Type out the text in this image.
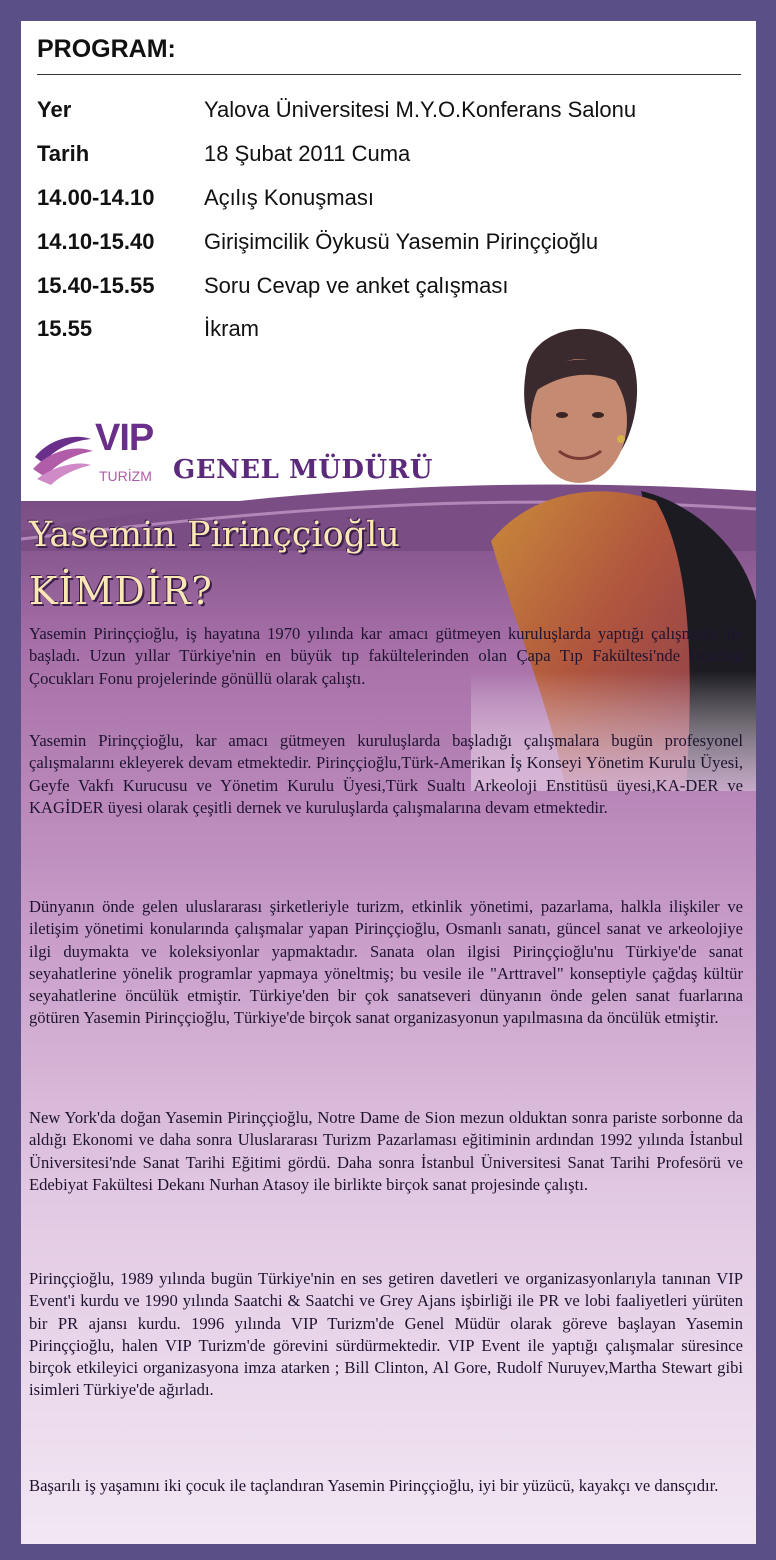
PROGRAM:
Yer	Yalova Üniversitesi M.Y.O.Konferans Salonu
Tarih	18 Şubat 2011 Cuma
14.00-14.10 Açılış Konuşması
14.10-15.40 Girişimcilik Öykusü Yasemin Pirinççioğlu
15.40-15.55 Soru Cevap ve anket çalışması
15.55	İkram
VIP
TURİZM GENEL MÜDÜRÜ
Yasemin Pirinççioğlu
KİMDİR?

Yasemin Pirinççioğlu, iş hayatına 1970 yılında kar amacı gütmeyen kuruluşlarda yaptığı çalışmalar ile başladı. Uzun yıllar Türkiye'nin en büyük tıp fakültelerinden olan Çapa Tıp Fakültesi'nde İstanbul Çocukları Fonu projelerinde gönüllü olarak çalıştı.

Yasemin Pirinççioğlu, kar amacı gütmeyen kuruluşlarda başladığı çalışmalara bugün profesyonel çalışmalarını ekleyerek devam etmektedir. Pirinççioğlu,Türk-Amerikan İş Konseyi Yönetim Kurulu Üyesi, Geyfe Vakfı Kurucusu ve Yönetim Kurulu Üyesi,Türk Sualtı Arkeoloji Enstitüsü üyesi,KA-DER ve KAGİDER üyesi olarak çeşitli dernek ve kuruluşlarda çalışmalarına devam etmektedir.

Dünyanın önde gelen uluslararası şirketleriyle turizm, etkinlik yönetimi, pazarlama, halkla ilişkiler ve iletişim yönetimi konularında çalışmalar yapan Pirinççioğlu, Osmanlı sanatı, güncel sanat ve arkeolojiye ilgi duymakta ve koleksiyonlar yapmaktadır. Sanata olan ilgisi Pirinççioğlu'nu Türkiye'de sanat seyahatlerine yönelik programlar yapmaya yöneltmiş; bu vesile ile "Arttravel" konseptiyle çağdaş kültür seyahatlerine öncülük etmiştir. Türkiye'den bir çok sanatseveri dünyanın önde gelen sanat fuarlarına götüren Yasemin Pirinççioğlu, Türkiye'de birçok sanat organizasyonun yapılmasına da öncülük etmiştir.

New York'da doğan Yasemin Pirinççioğlu, Notre Dame de Sion mezun olduktan sonra pariste sorbonne da aldığı Ekonomi ve daha sonra Uluslararası Turizm Pazarlaması eğitiminin ardından 1992 yılında İstanbul Üniversitesi'nde Sanat Tarihi Eğitimi gördü. Daha sonra İstanbul Üniversitesi Sanat Tarihi Profesörü ve Edebiyat Fakültesi Dekanı Nurhan Atasoy ile birlikte birçok sanat projesinde çalıştı.

Pirinççioğlu, 1989 yılında bugün Türkiye'nin en ses getiren davetleri ve organizasyonlarıyla tanınan VIP Event'i kurdu ve 1990 yılında Saatchi & Saatchi ve Grey Ajans işbirliği ile PR ve lobi faaliyetleri yürüten bir PR ajansı kurdu. 1996 yılında VIP Turizm'de Genel Müdür olarak göreve başlayan Yasemin Pirinççioğlu, halen VIP Turizm'de görevini sürdürmektedir. VIP Event ile yaptığı çalışmalar süresince birçok etkileyici organizasyona imza atarken ; Bill Clinton, Al Gore, Rudolf Nuruyev,Martha Stewart gibi isimleri Türkiye'de ağırladı.

Başarılı iş yaşamını iki çocuk ile taçlandıran Yasemin Pirinççioğlu, iyi bir yüzücü, kayakçı ve dansçıdır.
